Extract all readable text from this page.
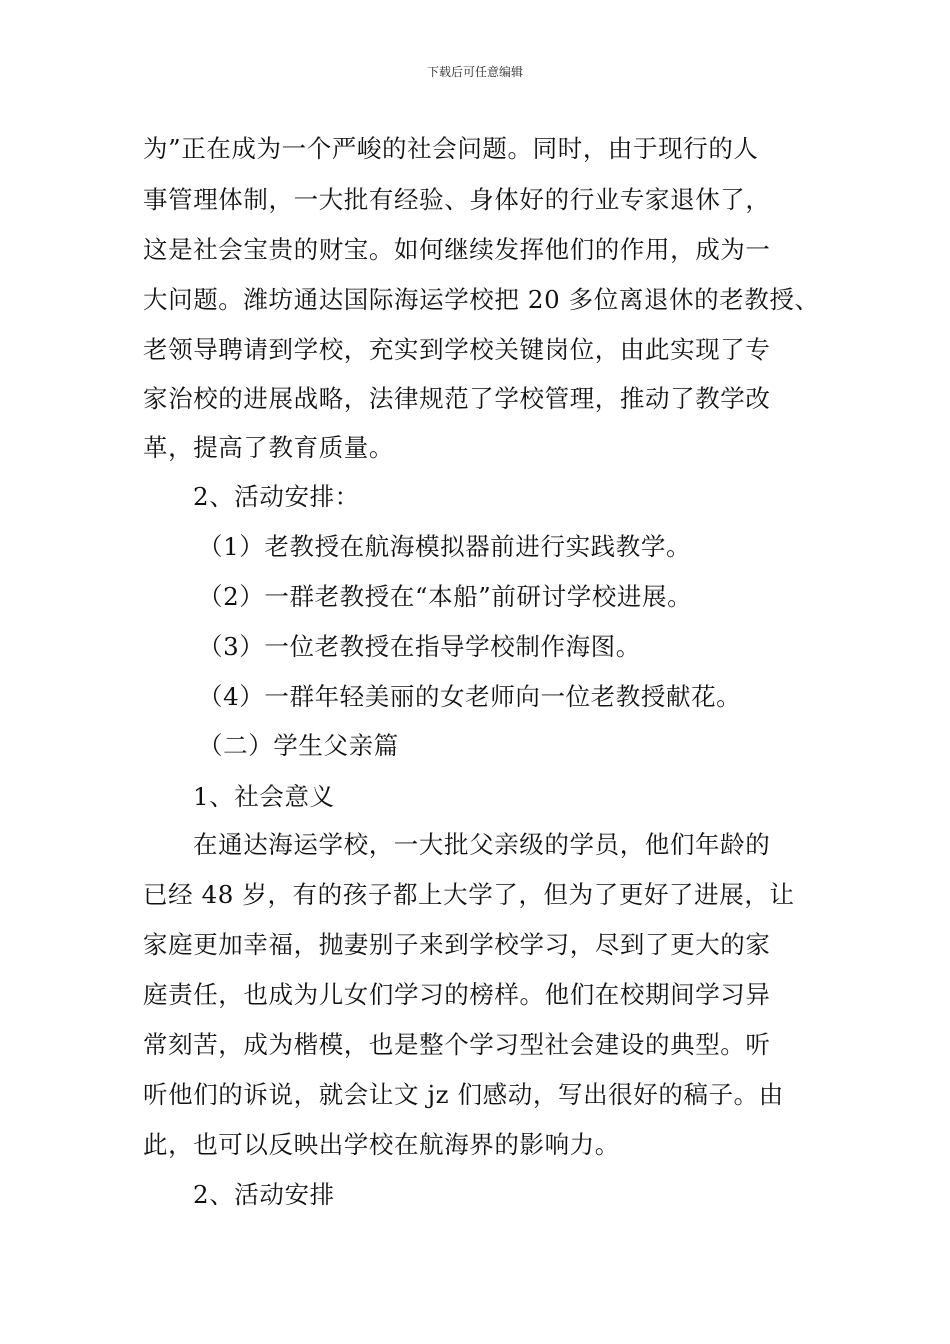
下载后可任意编辑
为”正在成为一个严峻的社会问题。同时，由于现行的人
事管理体制，一大批有经验、身体好的行业专家退休了，
这是社会宝贵的财宝。如何继续发挥他们的作用，成为一
大问题。潍坊通达国际海运学校把 20 多位离退休的老教授、
老领导聘请到学校，充实到学校关键岗位，由此实现了专
家治校的进展战略，法律规范了学校管理，推动了教学改
革，提高了教育质量。
2、活动安排：
（1）老教授在航海模拟器前进行实践教学。
（2）一群老教授在“本船”前研讨学校进展。
（3）一位老教授在指导学校制作海图。
（4）一群年轻美丽的女老师向一位老教授献花。
（二）学生父亲篇
1、社会意义
在通达海运学校，一大批父亲级的学员，他们年龄的
已经 48 岁，有的孩子都上大学了，但为了更好了进展，让
家庭更加幸福，抛妻别子来到学校学习，尽到了更大的家
庭责任，也成为儿女们学习的榜样。他们在校期间学习异
常刻苦，成为楷模，也是整个学习型社会建设的典型。听
听他们的诉说，就会让文 jz 们感动，写出很好的稿子。由
此，也可以反映出学校在航海界的影响力。
2、活动安排
